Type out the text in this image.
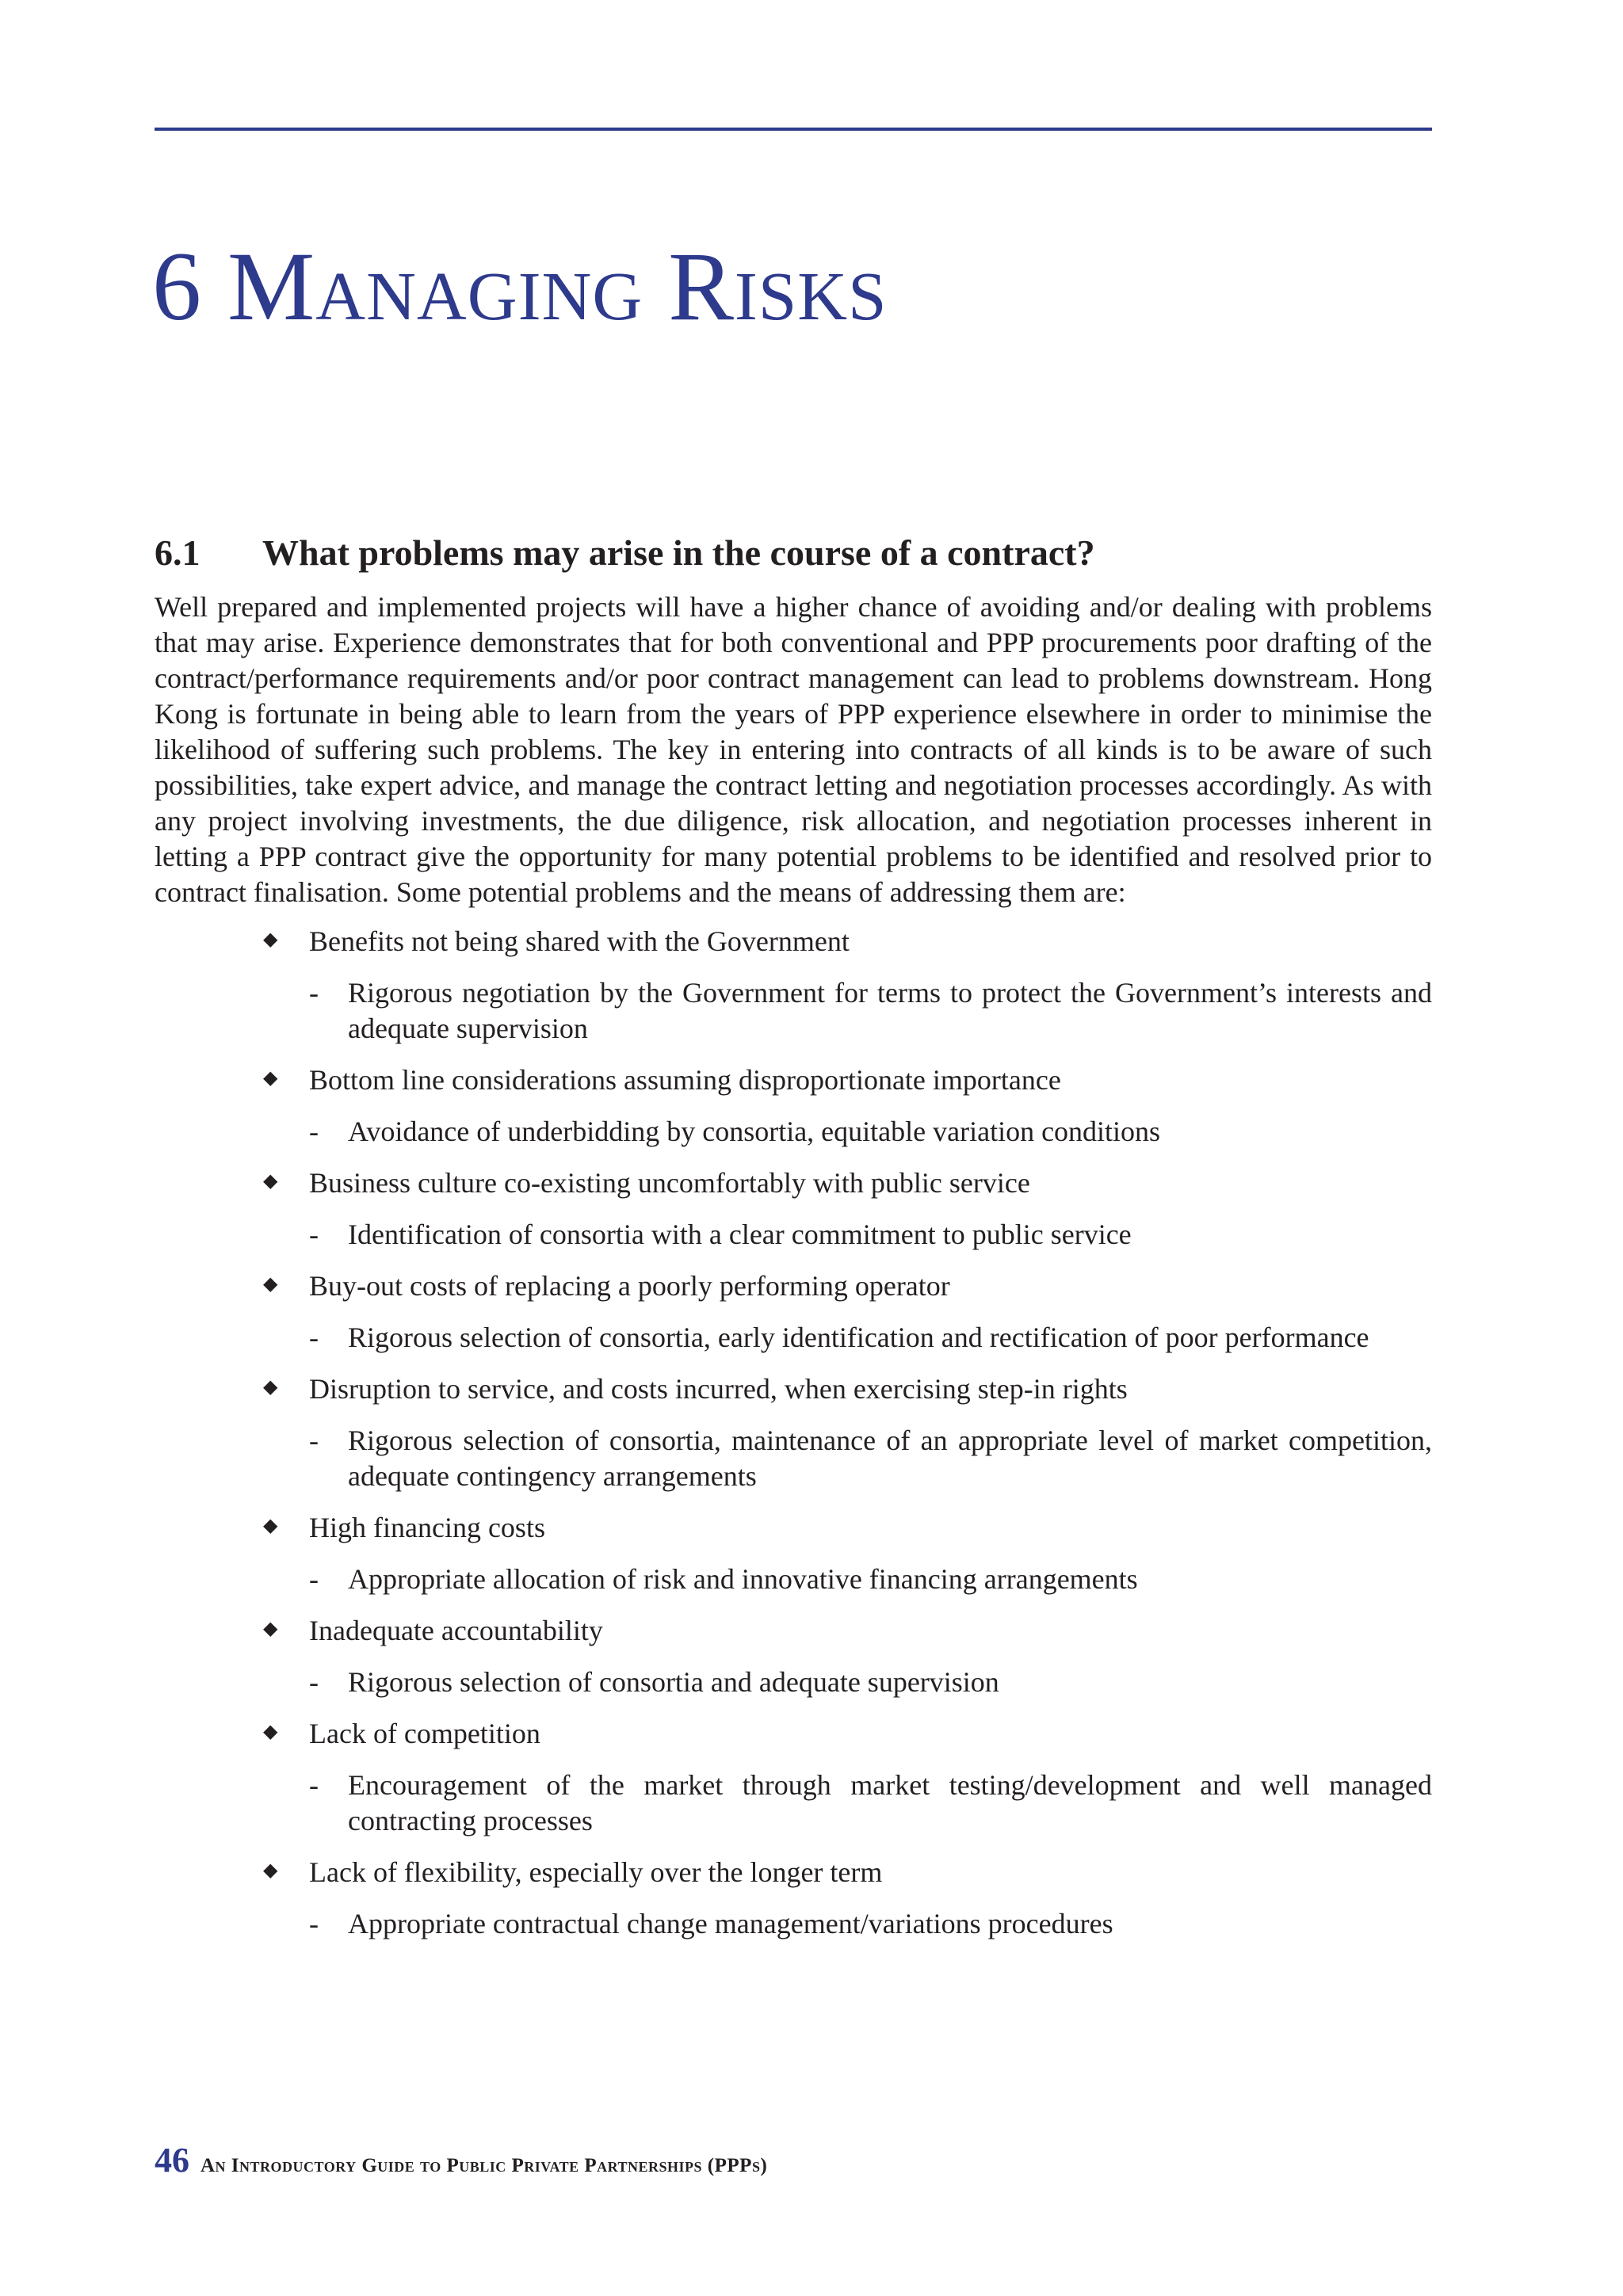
6 Managing Risks
6.1 What problems may arise in the course of a contract?

Well prepared and implemented projects will have a higher chance of avoiding and/or dealing with problems that may arise. Experience demonstrates that for both conventional and PPP procurements poor drafting of the contract/performance requirements and/or poor contract management can lead to problems downstream. Hong Kong is fortunate in being able to learn from the years of PPP experience elsewhere in order to minimise the likelihood of suffering such problems. The key in entering into contracts of all kinds is to be aware of such possibilities, take expert advice, and manage the contract letting and negotiation processes accordingly. As with any project involving investments, the due diligence, risk allocation, and negotiation processes inherent in letting a PPP contract give the opportunity for many potential problems to be identified and resolved prior to contract finalisation. Some potential problems and the means of addressing them are:

◆ Benefits not being shared with the Government

- Rigorous negotiation by the Government for terms to protect the Government’s interests and adequate supervision

◆ Bottom line considerations assuming disproportionate importance

- Avoidance of underbidding by consortia, equitable variation conditions

◆ Business culture co-existing uncomfortably with public service

- Identification of consortia with a clear commitment to public service

◆ Buy-out costs of replacing a poorly performing operator

- Rigorous selection of consortia, early identification and rectification of poor performance

◆ Disruption to service, and costs incurred, when exercising step-in rights

- Rigorous selection of consortia, maintenance of an appropriate level of market competition, adequate contingency arrangements

◆ High financing costs

- Appropriate allocation of risk and innovative financing arrangements

◆ Inadequate accountability

- Rigorous selection of consortia and adequate supervision

◆ Lack of competition

- Encouragement of the market through market testing/development and well managed contracting processes

◆ Lack of flexibility, especially over the longer term

- Appropriate contractual change management/variations procedures

46 An Introductory Guide to Public Private Partnerships (PPPs)
